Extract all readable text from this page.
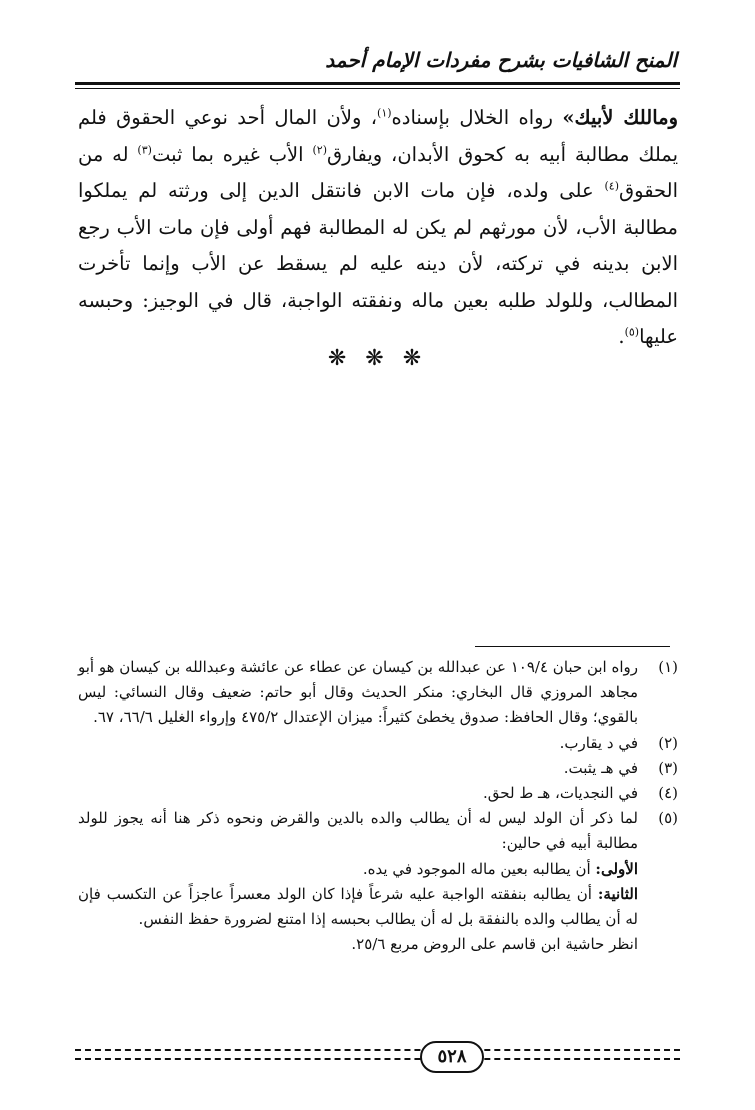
المنح الشافيات بشرح مفردات الإمام أحمد

وماللك لأبيك» رواه الخلال بإسناده$^{(١)}$، ولأن المال أحد نوعي الحقوق فلم يملك مطالبة أبيه به كحوق الأبدان، ويفارق$^{(٢)}$ الأب غيره بما ثبت$^{(٣)}$ له من الحقوق$^{(٤)}$ على ولده، فإن مات الابن فانتقل الدين إلى ورثته لم يملكوا مطالبة الأب، لأن مورثهم لم يكن له المطالبة فهم أولى فإن مات الأب رجع الابن بدينه في تركته، لأن دينه عليه لم يسقط عن الأب وإنما تأخرت المطالب، وللولد طلبه بعين ماله ونفقته الواجبة، قال في الوجيز: وحبسه عليها$^{(٥)}$.

❋ ❋ ❋
(١)
رواه ابن حبان ١٠٩/٤ عن عبدالله بن كيسان عن عطاء عن عائشة وعبدالله بن كيسان هو أبو مجاهد المروزي قال البخاري: منكر الحديث وقال أبو حاتم: ضعيف وقال النسائي: ليس بالقوي؛ وقال الحافظ: صدوق يخطئ كثيراً: ميزان الإعتدال ٤٧٥/٢ وإرواء الغليل ٦٦/٦، ٦٧.
(٢)
في د يقارب.
(٣)
في هـ يثبت.
(٤)
في النجديات، هـ ط لحق.
(٥)
لما ذكر أن الولد ليس له أن يطالب والده بالدين والقرض ونحوه ذكر هنا أنه يجوز للولد مطالبة أبيه في حالين:
الأولى: أن يطالبه بعين ماله الموجود في يده.
الثانية: أن يطالبه بنفقته الواجبة عليه شرعاً فإذا كان الولد معسراً عاجزاً عن التكسب فإن له أن يطالب والده بالنفقة بل له أن يطالب بحبسه إذا امتنع لضرورة حفظ النفس.
انظر حاشية ابن قاسم على الروض مربع ٢٥/٦.
٥٢٨
